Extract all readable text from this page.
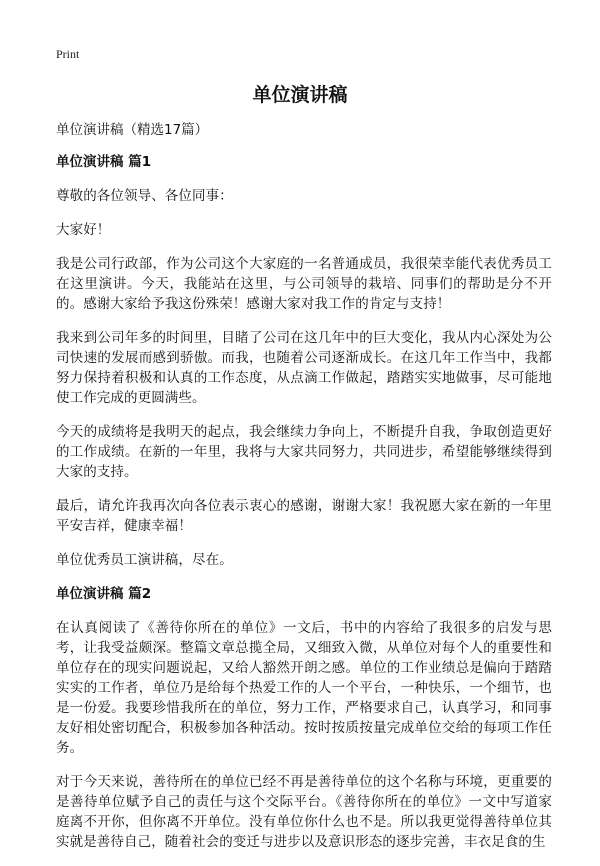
Print
单位演讲稿
单位演讲稿（精选17篇）
单位演讲稿 篇1
尊敬的各位领导、各位同事：
大家好！
我是公司行政部，作为公司这个大家庭的一名普通成员，我很荣幸能代表优秀员工在这里演讲。今天，我能站在这里，与公司领导的栽培、同事们的帮助是分不开的。感谢大家给予我这份殊荣！感谢大家对我工作的肯定与支持！
我来到公司年多的时间里，目睹了公司在这几年中的巨大变化，我从内心深处为公司快速的发展而感到骄傲。而我，也随着公司逐渐成长。在这几年工作当中，我都努力保持着积极和认真的工作态度，从点滴工作做起，踏踏实实地做事，尽可能地使工作完成的更圆满些。
今天的成绩将是我明天的起点，我会继续力争向上，不断提升自我，争取创造更好的工作成绩。在新的一年里，我将与大家共同努力，共同进步，希望能够继续得到大家的支持。
最后，请允许我再次向各位表示衷心的感谢，谢谢大家！我祝愿大家在新的一年里平安吉祥，健康幸福！
单位优秀员工演讲稿，尽在。
单位演讲稿 篇2
在认真阅读了《善待你所在的单位》一文后，书中的内容给了我很多的启发与思考，让我受益颇深。整篇文章总揽全局，又细致入微，从单位对每个人的重要性和单位存在的现实问题说起，又给人豁然开朗之感。单位的工作业绩总是偏向于踏踏实实的工作者，单位乃是给每个热爱工作的人一个平台，一种快乐，一个细节，也是一份爱。我要珍惜我所在的单位，努力工作，严格要求自己，认真学习，和同事友好相处密切配合，积极参加各种活动。按时按质按量完成单位交给的每项工作任务。
对于今天来说，善待所在的单位已经不再是善待单位的这个名称与环境，更重要的是善待单位赋予自己的责任与这个交际平台。《善待你所在的单位》一文中写道家庭离不开你，但你离不开单位。没有单位你什么也不是。所以我更觉得善待单位其实就是善待自己，随着社会的变迁与进步以及意识形态的逐步完善，丰衣足食的生
